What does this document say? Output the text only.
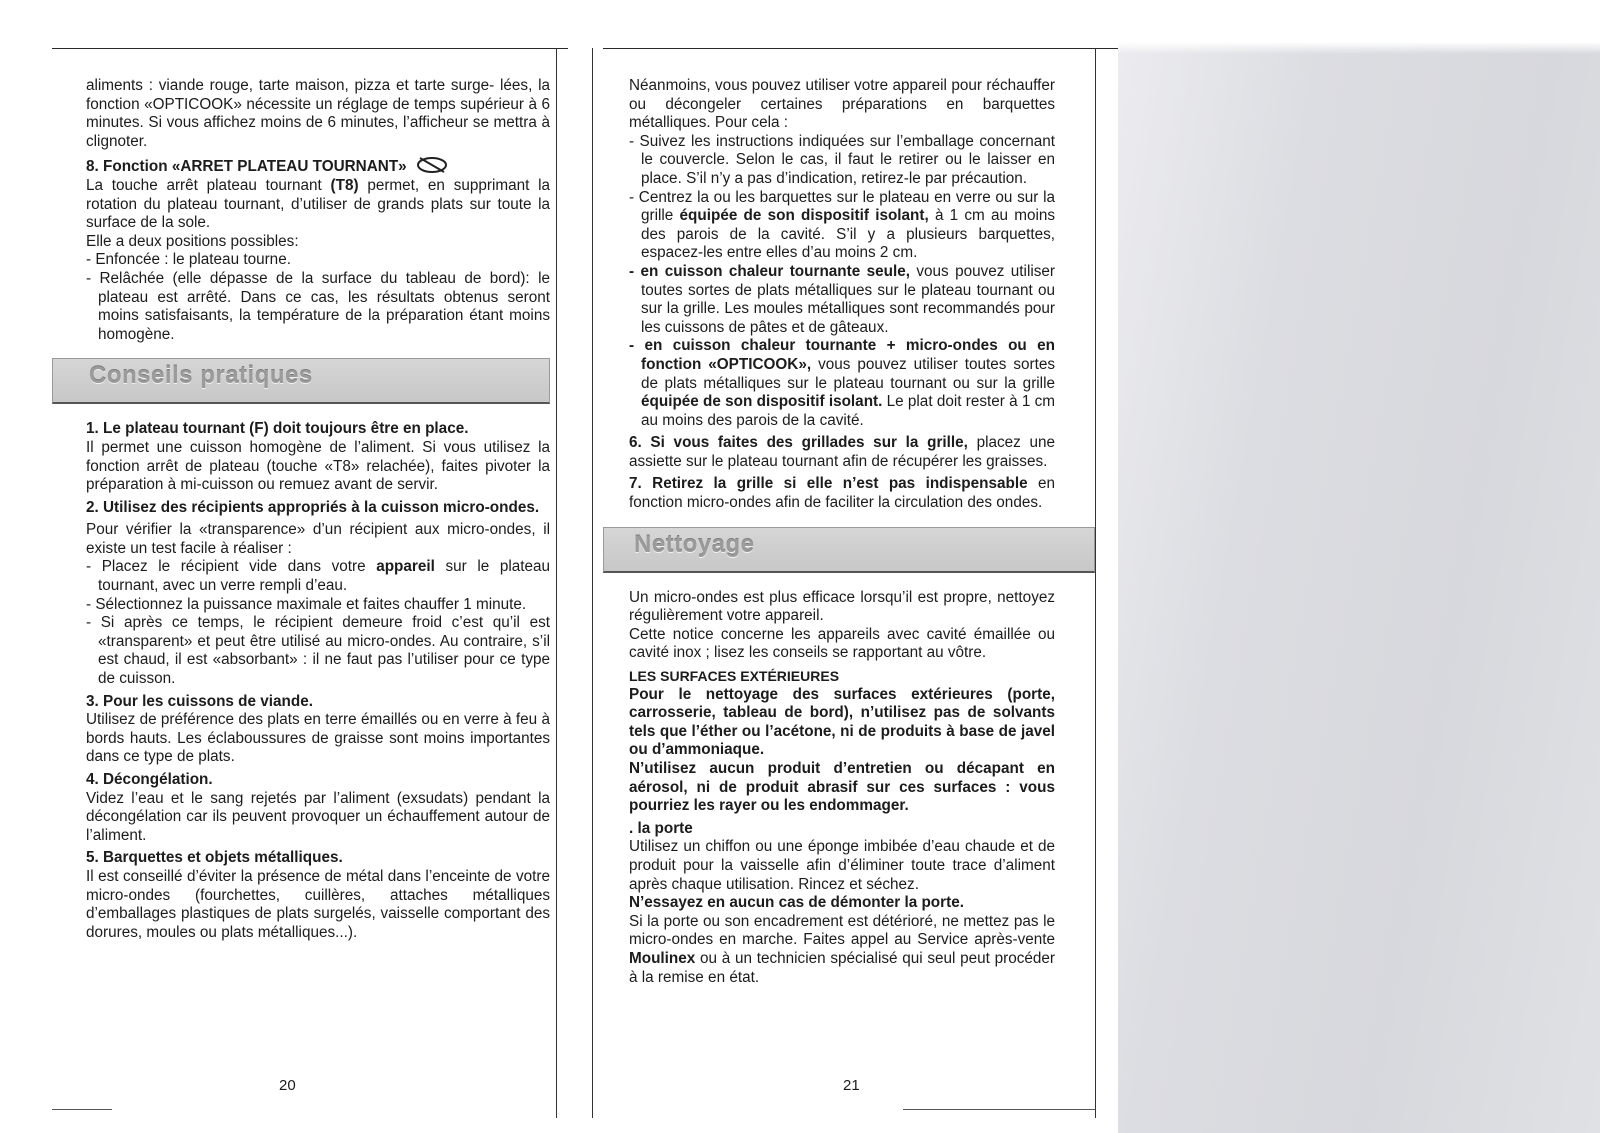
aliments : viande rouge, tarte maison, pizza et tarte surge- lées, la fonction «OPTICOOK» nécessite un réglage de temps supérieur à 6 minutes. Si vous affichez moins de 6 minutes, l’afficheur se mettra à clignoter.

8. Fonction «ARRET PLATEAU TOURNANT»

La touche arrêt plateau tournant (T8) permet, en supprimant la rotation du plateau tournant, d’utiliser de grands plats sur toute la surface de la sole.

Elle a deux positions possibles:

- Enfoncée : le plateau tourne.

- Relâchée (elle dépasse de la surface du tableau de bord): le plateau est arrêté. Dans ce cas, les résultats obtenus seront moins satisfaisants, la température de la préparation étant moins homogène.

Conseils pratiques

1. Le plateau tournant (F) doit toujours être en place.

Il permet une cuisson homogène de l’aliment. Si vous utilisez la fonction arrêt de plateau (touche «T8» relachée), faites pivoter la préparation à mi-cuisson ou remuez avant de servir.

2. Utilisez des récipients appropriés à la cuisson micro-ondes.

Pour vérifier la «transparence» d’un récipient aux micro-ondes, il existe un test facile à réaliser :

- Placez le récipient vide dans votre appareil sur le plateau tournant, avec un verre rempli d’eau.

- Sélectionnez la puissance maximale et faites chauffer 1 minute.

- Si après ce temps, le récipient demeure froid c’est qu’il est «transparent» et peut être utilisé au micro-ondes. Au contraire, s’il est chaud, il est «absorbant» : il ne faut pas l’utiliser pour ce type de cuisson.

3. Pour les cuissons de viande.

Utilisez de préférence des plats en terre émaillés ou en verre à feu à bords hauts. Les éclaboussures de graisse sont moins importantes dans ce type de plats.

4. Décongélation.

Videz l’eau et le sang rejetés par l’aliment (exsudats) pendant la décongélation car ils peuvent provoquer un échauffement autour de l’aliment.

5. Barquettes et objets métalliques.

Il est conseillé d’éviter la présence de métal dans l’enceinte de votre micro-ondes (fourchettes, cuillères, attaches métalliques d’emballages plastiques de plats surgelés, vaisselle comportant des dorures, moules ou plats métalliques...).

20

Néanmoins, vous pouvez utiliser votre appareil pour réchauffer ou décongeler certaines préparations en barquettes métalliques. Pour cela :

- Suivez les instructions indiquées sur l’emballage concernant le couvercle. Selon le cas, il faut le retirer ou le laisser en place. S’il n’y a pas d’indication, retirez-le par précaution.

- Centrez la ou les barquettes sur le plateau en verre ou sur la grille équipée de son dispositif isolant, à 1 cm au moins des parois de la cavité. S’il y a plusieurs barquettes, espacez-les entre elles d’au moins 2 cm.

- en cuisson chaleur tournante seule, vous pouvez utiliser toutes sortes de plats métalliques sur le plateau tournant ou sur la grille. Les moules métalliques sont recommandés pour les cuissons de pâtes et de gâteaux.

- en cuisson chaleur tournante + micro-ondes ou en fonction «OPTICOOK», vous pouvez utiliser toutes sortes de plats métalliques sur le plateau tournant ou sur la grille équipée de son dispositif isolant. Le plat doit rester à 1 cm au moins des parois de la cavité.

6. Si vous faites des grillades sur la grille, placez une assiette sur le plateau tournant afin de récupérer les graisses.

7. Retirez la grille si elle n’est pas indispensable en fonction micro-ondes afin de faciliter la circulation des ondes.

Nettoyage

Un micro-ondes est plus efficace lorsqu’il est propre, nettoyez régulièrement votre appareil.

Cette notice concerne les appareils avec cavité émaillée ou cavité inox ; lisez les conseils se rapportant au vôtre.

LES SURFACES EXTÉRIEURES

Pour le nettoyage des surfaces extérieures (porte, carrosserie, tableau de bord), n’utilisez pas de solvants tels que l’éther ou l’acétone, ni de produits à base de javel ou d’ammoniaque.

N’utilisez aucun produit d’entretien ou décapant en aérosol, ni de produit abrasif sur ces surfaces : vous pourriez les rayer ou les endommager.

. la porte

Utilisez un chiffon ou une éponge imbibée d’eau chaude et de produit pour la vaisselle afin d’éliminer toute trace d’aliment après chaque utilisation. Rincez et séchez.

N’essayez en aucun cas de démonter la porte.

Si la porte ou son encadrement est détérioré, ne mettez pas le micro-ondes en marche. Faites appel au Service après-vente Moulinex ou à un technicien spécialisé qui seul peut procéder à la remise en état.

21
